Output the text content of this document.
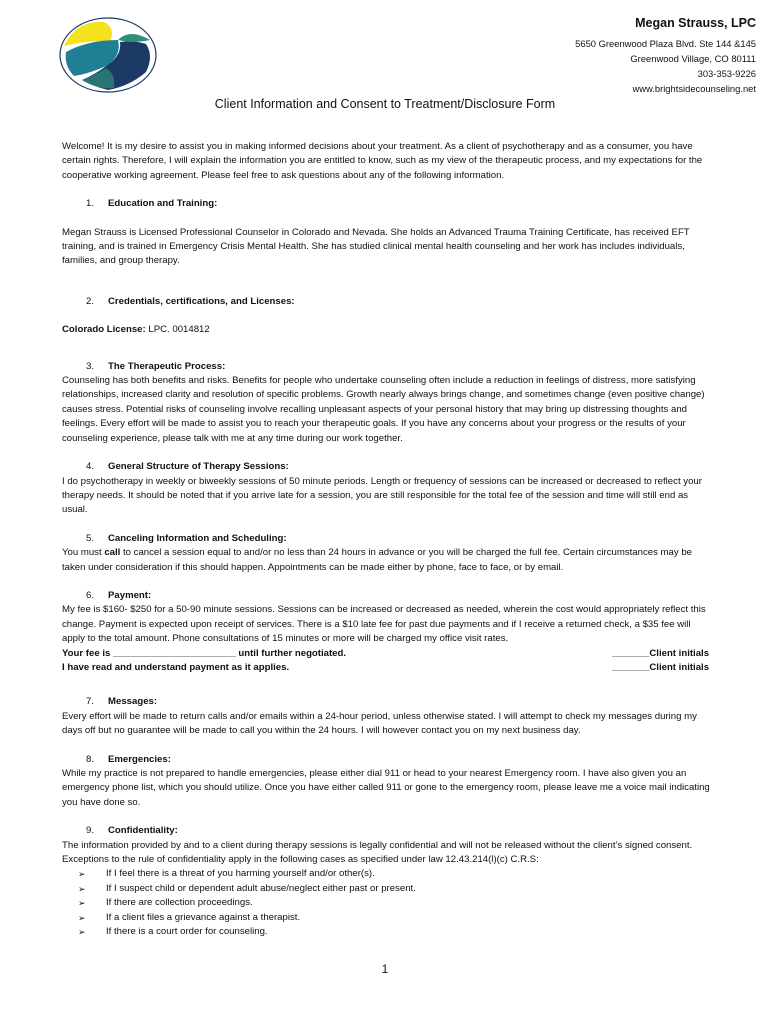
Megan Strauss, LPC
5650 Greenwood Plaza Blvd. Ste 144 &145
Greenwood Village, CO 80111
303-353-9226
www.brightsidecounseling.net
Client Information and Consent to Treatment/Disclosure Form

Welcome! It is my desire to assist you in making informed decisions about your treatment. As a client of psychotherapy and as a consumer, you have certain rights. Therefore, I will explain the information you are entitled to know, such as my view of the therapeutic process, and my expectations for the cooperative working agreement. Please feel free to ask questions about any of the following information.

1.	Education and Training:

Megan Strauss is Licensed Professional Counselor in Colorado and Nevada. She holds an Advanced Trauma Training Certificate, has received EFT training, and is trained in Emergency Crisis Mental Health. She has studied clinical mental health counseling and her work has includes individuals, families, and group therapy.

2.	Credentials, certifications, and Licenses:

Colorado License: LPC. 0014812

3.	The Therapeutic Process:

Counseling has both benefits and risks. Benefits for people who undertake counseling often include a reduction in feelings of distress, more satisfying relationships, increased clarity and resolution of specific problems. Growth nearly always brings change, and sometimes change (even positive change) causes stress. Potential risks of counseling involve recalling unpleasant aspects of your personal history that may bring up distressing thoughts and feelings. Every effort will be made to assist you to reach your therapeutic goals. If you have any concerns about your progress or the results of your counseling experience, please talk with me at any time during our work together.

4.	General Structure of Therapy Sessions:

I do psychotherapy in weekly or biweekly sessions of 50 minute periods. Length or frequency of sessions can be increased or decreased to reflect your therapy needs. It should be noted that if you arrive late for a session, you are still responsible for the total fee of the session and time will still end as usual.

5.	Canceling Information and Scheduling:

You must call to cancel a session equal to and/or no less than 24 hours in advance or you will be charged the full fee. Certain circumstances may be taken under consideration if this should happen. Appointments can be made either by phone, face to face, or by email.

6.	Payment:

My fee is $160- $250 for a 50-90 minute sessions. Sessions can be increased or decreased as needed, wherein the cost would appropriately reflect this change. Payment is expected upon receipt of services. There is a $10 late fee for past due payments and if I receive a returned check, a $35 fee will apply to the total amount. Phone consultations of 15 minutes or more will be charged my office visit rates.

Your fee is _______________________ until further negotiated.	_______Client initials
I have read and understand payment as it applies.	_______Client initials
7.	Messages:

Every effort will be made to return calls and/or emails within a 24-hour period, unless otherwise stated. I will attempt to check my messages during my days off but no guarantee will be made to call you within the 24 hours. I will however contact you on my next business day.

8.	Emergencies:

While my practice is not prepared to handle emergencies, please either dial 911 or head to your nearest Emergency room. I have also given you an emergency phone list, which you should utilize. Once you have either called 911 or gone to the emergency room, please leave me a voice mail indicating you have done so.

9.	Confidentiality:

The information provided by and to a client during therapy sessions is legally confidential and will not be released without the client’s signed consent. Exceptions to the rule of confidentiality apply in the following cases as specified under law 12.43.214(l)(c) C.R.S:

➢	If I feel there is a threat of you harming yourself and/or other(s).
➢	If I suspect child or dependent adult abuse/neglect either past or present.
➢	If there are collection proceedings.
➢	If a client files a grievance against a therapist.
➢	If there is a court order for counseling.
1
